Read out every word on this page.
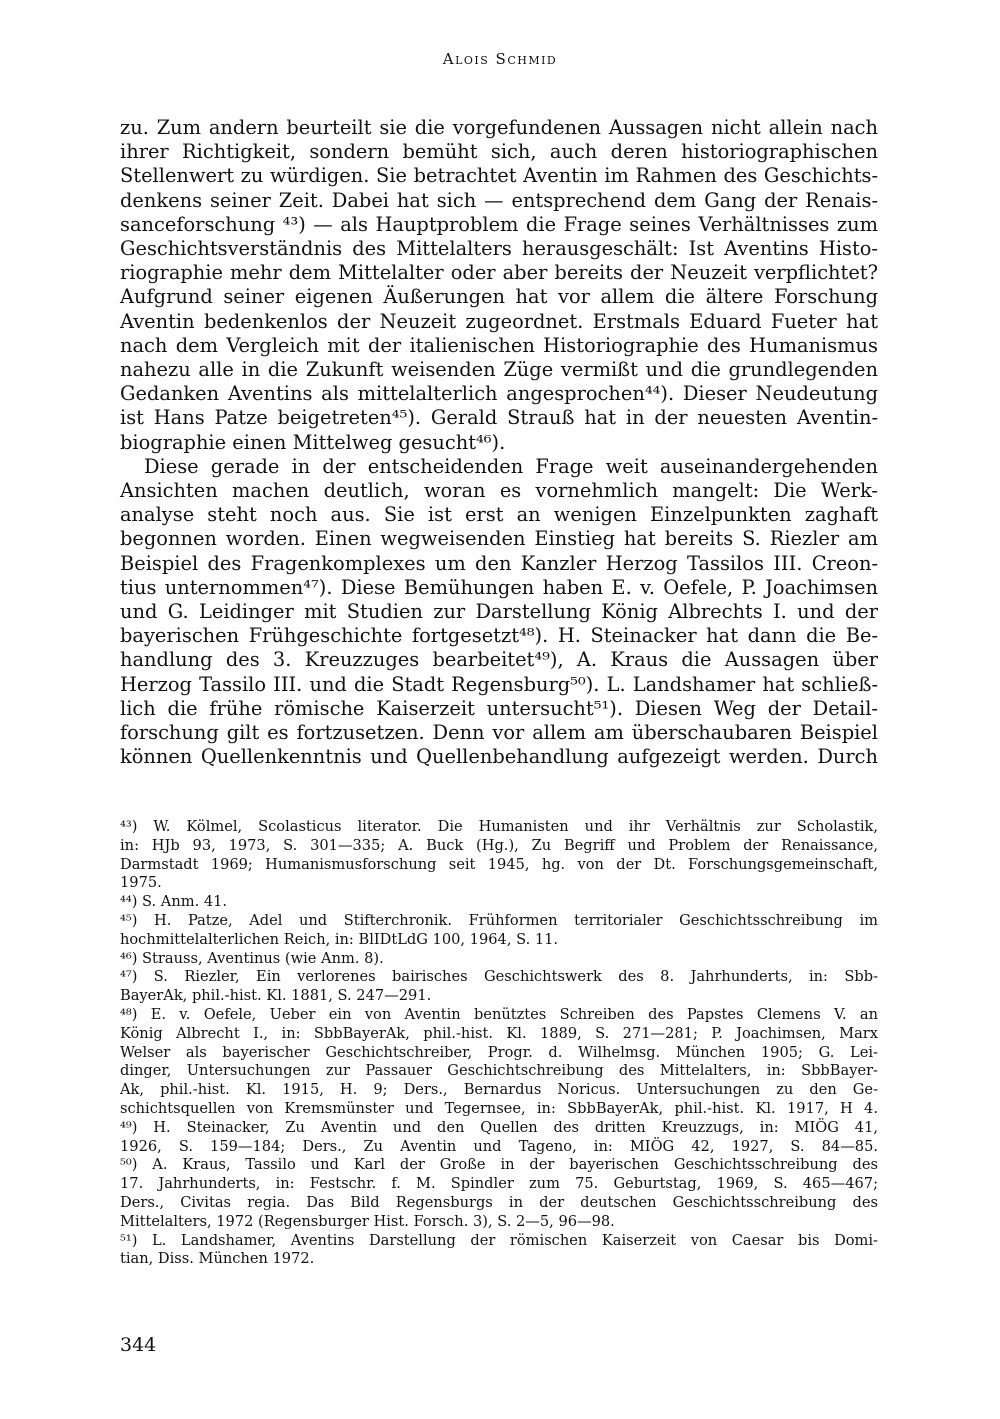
Alois Schmid
zu. Zum andern beurteilt sie die vorgefundenen Aussagen nicht allein nach
ihrer Richtigkeit, sondern bemüht sich, auch deren historiographischen
Stellenwert zu würdigen. Sie betrachtet Aventin im Rahmen des Geschichts-
denkens seiner Zeit. Dabei hat sich — entsprechend dem Gang der Renais-
sanceforschung ⁴³) — als Hauptproblem die Frage seines Verhältnisses zum
Geschichtsverständnis des Mittelalters herausgeschält: Ist Aventins Histo-
riographie mehr dem Mittelalter oder aber bereits der Neuzeit verpflichtet?
Aufgrund seiner eigenen Äußerungen hat vor allem die ältere Forschung
Aventin bedenkenlos der Neuzeit zugeordnet. Erstmals Eduard Fueter hat
nach dem Vergleich mit der italienischen Historiographie des Humanismus
nahezu alle in die Zukunft weisenden Züge vermißt und die grundlegenden
Gedanken Aventins als mittelalterlich angesprochen⁴⁴). Dieser Neudeutung
ist Hans Patze beigetreten⁴⁵). Gerald Strauß hat in der neuesten Aventin-
biographie einen Mittelweg gesucht⁴⁶).
Diese gerade in der entscheidenden Frage weit auseinandergehenden
Ansichten machen deutlich, woran es vornehmlich mangelt: Die Werk-
analyse steht noch aus. Sie ist erst an wenigen Einzelpunkten zaghaft
begonnen worden. Einen wegweisenden Einstieg hat bereits S. Riezler am
Beispiel des Fragenkomplexes um den Kanzler Herzog Tassilos III. Creon-
tius unternommen⁴⁷). Diese Bemühungen haben E. v. Oefele, P. Joachimsen
und G. Leidinger mit Studien zur Darstellung König Albrechts I. und der
bayerischen Frühgeschichte fortgesetzt⁴⁸). H. Steinacker hat dann die Be-
handlung des 3. Kreuzzuges bearbeitet⁴⁹), A. Kraus die Aussagen über
Herzog Tassilo III. und die Stadt Regensburg⁵⁰). L. Landshamer hat schließ-
lich die frühe römische Kaiserzeit untersucht⁵¹). Diesen Weg der Detail-
forschung gilt es fortzusetzen. Denn vor allem am überschaubaren Beispiel
können Quellenkenntnis und Quellenbehandlung aufgezeigt werden. Durch
⁴³) W. Kölmel, Scolasticus literator. Die Humanisten und ihr Verhältnis zur Scholastik,
in: HJb 93, 1973, S. 301—335; A. Buck (Hg.), Zu Begriff und Problem der Renaissance,
Darmstadt 1969; Humanismusforschung seit 1945, hg. von der Dt. Forschungsgemeinschaft,
1975.
⁴⁴) S. Anm. 41.
⁴⁵) H. Patze, Adel und Stifterchronik. Frühformen territorialer Geschichtsschreibung im
hochmittelalterlichen Reich, in: BlIDtLdG 100, 1964, S. 11.
⁴⁶) Strauss, Aventinus (wie Anm. 8).
⁴⁷) S. Riezler, Ein verlorenes bairisches Geschichtswerk des 8. Jahrhunderts, in: Sbb-
BayerAk, phil.-hist. Kl. 1881, S. 247—291.
⁴⁸) E. v. Oefele, Ueber ein von Aventin benütztes Schreiben des Papstes Clemens V. an
König Albrecht I., in: SbbBayerAk, phil.-hist. Kl. 1889, S. 271—281; P. Joachimsen, Marx
Welser als bayerischer Geschichtschreiber, Progr. d. Wilhelmsg. München 1905; G. Lei-
dinger, Untersuchungen zur Passauer Geschichtschreibung des Mittelalters, in: SbbBayer-
Ak, phil.-hist. Kl. 1915, H. 9; Ders., Bernardus Noricus. Untersuchungen zu den Ge-
schichtsquellen von Kremsmünster und Tegernsee, in: SbbBayerAk, phil.-hist. Kl. 1917, H 4.
⁴⁹) H. Steinacker, Zu Aventin und den Quellen des dritten Kreuzzugs, in: MIÖG 41,
1926, S. 159—184; Ders., Zu Aventin und Tageno, in: MIÖG 42, 1927, S. 84—85.
⁵⁰) A. Kraus, Tassilo und Karl der Große in der bayerischen Geschichtsschreibung des
17. Jahrhunderts, in: Festschr. f. M. Spindler zum 75. Geburtstag, 1969, S. 465—467;
Ders., Civitas regia. Das Bild Regensburgs in der deutschen Geschichtsschreibung des
Mittelalters, 1972 (Regensburger Hist. Forsch. 3), S. 2—5, 96—98.
⁵¹) L. Landshamer, Aventins Darstellung der römischen Kaiserzeit von Caesar bis Domi-
tian, Diss. München 1972.
344
